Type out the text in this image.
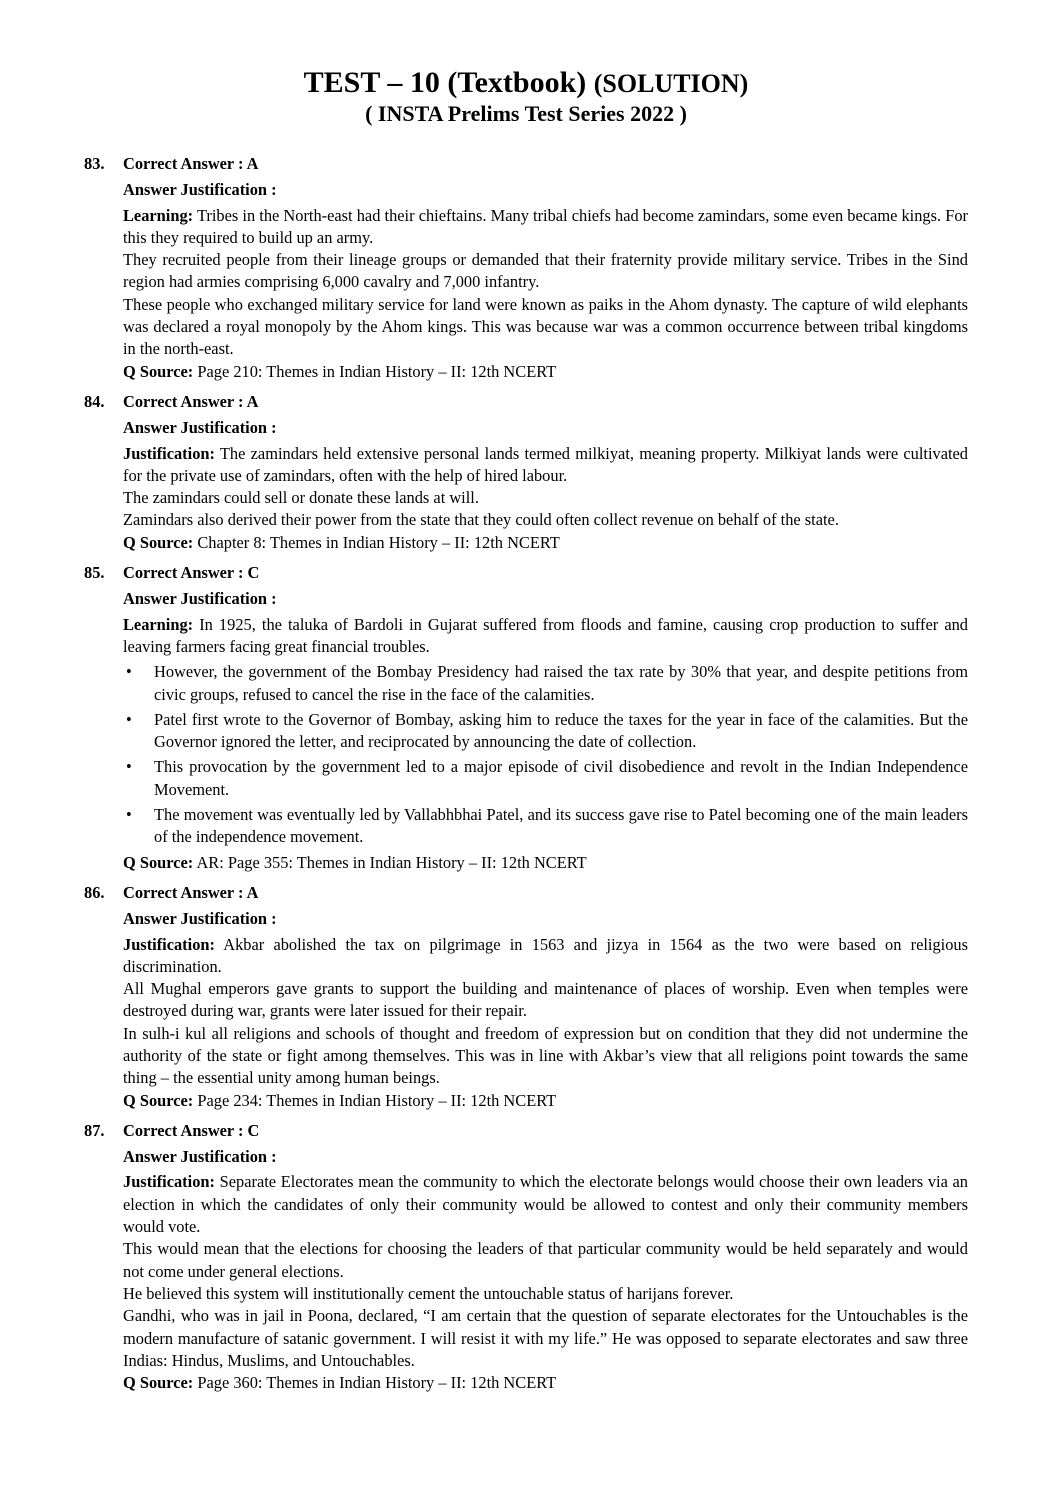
TEST – 10 (Textbook) (SOLUTION)
( INSTA Prelims Test Series 2022 )
83.	Correct Answer : A

Answer Justification :

Learning: Tribes in the North-east had their chieftains. Many tribal chiefs had become zamindars, some even became kings. For this they required to build up an army.

They recruited people from their lineage groups or demanded that their fraternity provide military service. Tribes in the Sind region had armies comprising 6,000 cavalry and 7,000 infantry.

These people who exchanged military service for land were known as paiks in the Ahom dynasty. The capture of wild elephants was declared a royal monopoly by the Ahom kings. This was because war was a common occurrence between tribal kingdoms in the north-east.

Q Source: Page 210: Themes in Indian History – II: 12th NCERT

84.	Correct Answer : A

Answer Justification :

Justification: The zamindars held extensive personal lands termed milkiyat, meaning property. Milkiyat lands were cultivated for the private use of zamindars, often with the help of hired labour.

The zamindars could sell or donate these lands at will.

Zamindars also derived their power from the state that they could often collect revenue on behalf of the state.

Q Source: Chapter 8: Themes in Indian History – II: 12th NCERT

85.	Correct Answer : C

Answer Justification :

Learning: In 1925, the taluka of Bardoli in Gujarat suffered from floods and famine, causing crop production to suffer and leaving farmers facing great financial troubles.

•	However, the government of the Bombay Presidency had raised the tax rate by 30% that year, and despite petitions from civic groups, refused to cancel the rise in the face of the calamities.
•	Patel first wrote to the Governor of Bombay, asking him to reduce the taxes for the year in face of the calamities. But the Governor ignored the letter, and reciprocated by announcing the date of collection.
•	This provocation by the government led to a major episode of civil disobedience and revolt in the Indian Independence Movement.
•	The movement was eventually led by Vallabhbhai Patel, and its success gave rise to Patel becoming one of the main leaders of the independence movement.

Q Source: AR: Page 355: Themes in Indian History – II: 12th NCERT

86.	Correct Answer : A

Answer Justification :

Justification: Akbar abolished the tax on pilgrimage in 1563 and jizya in 1564 as the two were based on religious discrimination.

All Mughal emperors gave grants to support the building and maintenance of places of worship. Even when temples were destroyed during war, grants were later issued for their repair.

In sulh-i kul all religions and schools of thought and freedom of expression but on condition that they did not undermine the authority of the state or fight among themselves. This was in line with Akbar’s view that all religions point towards the same thing – the essential unity among human beings.

Q Source: Page 234: Themes in Indian History – II: 12th NCERT

87.	Correct Answer : C

Answer Justification :

Justification: Separate Electorates mean the community to which the electorate belongs would choose their own leaders via an election in which the candidates of only their community would be allowed to contest and only their community members would vote.

This would mean that the elections for choosing the leaders of that particular community would be held separately and would not come under general elections.

He believed this system will institutionally cement the untouchable status of harijans forever.

Gandhi, who was in jail in Poona, declared, “I am certain that the question of separate electorates for the Untouchables is the modern manufacture of satanic government. I will resist it with my life.” He was opposed to separate electorates and saw three Indias: Hindus, Muslims, and Untouchables.

Q Source: Page 360: Themes in Indian History – II: 12th NCERT
